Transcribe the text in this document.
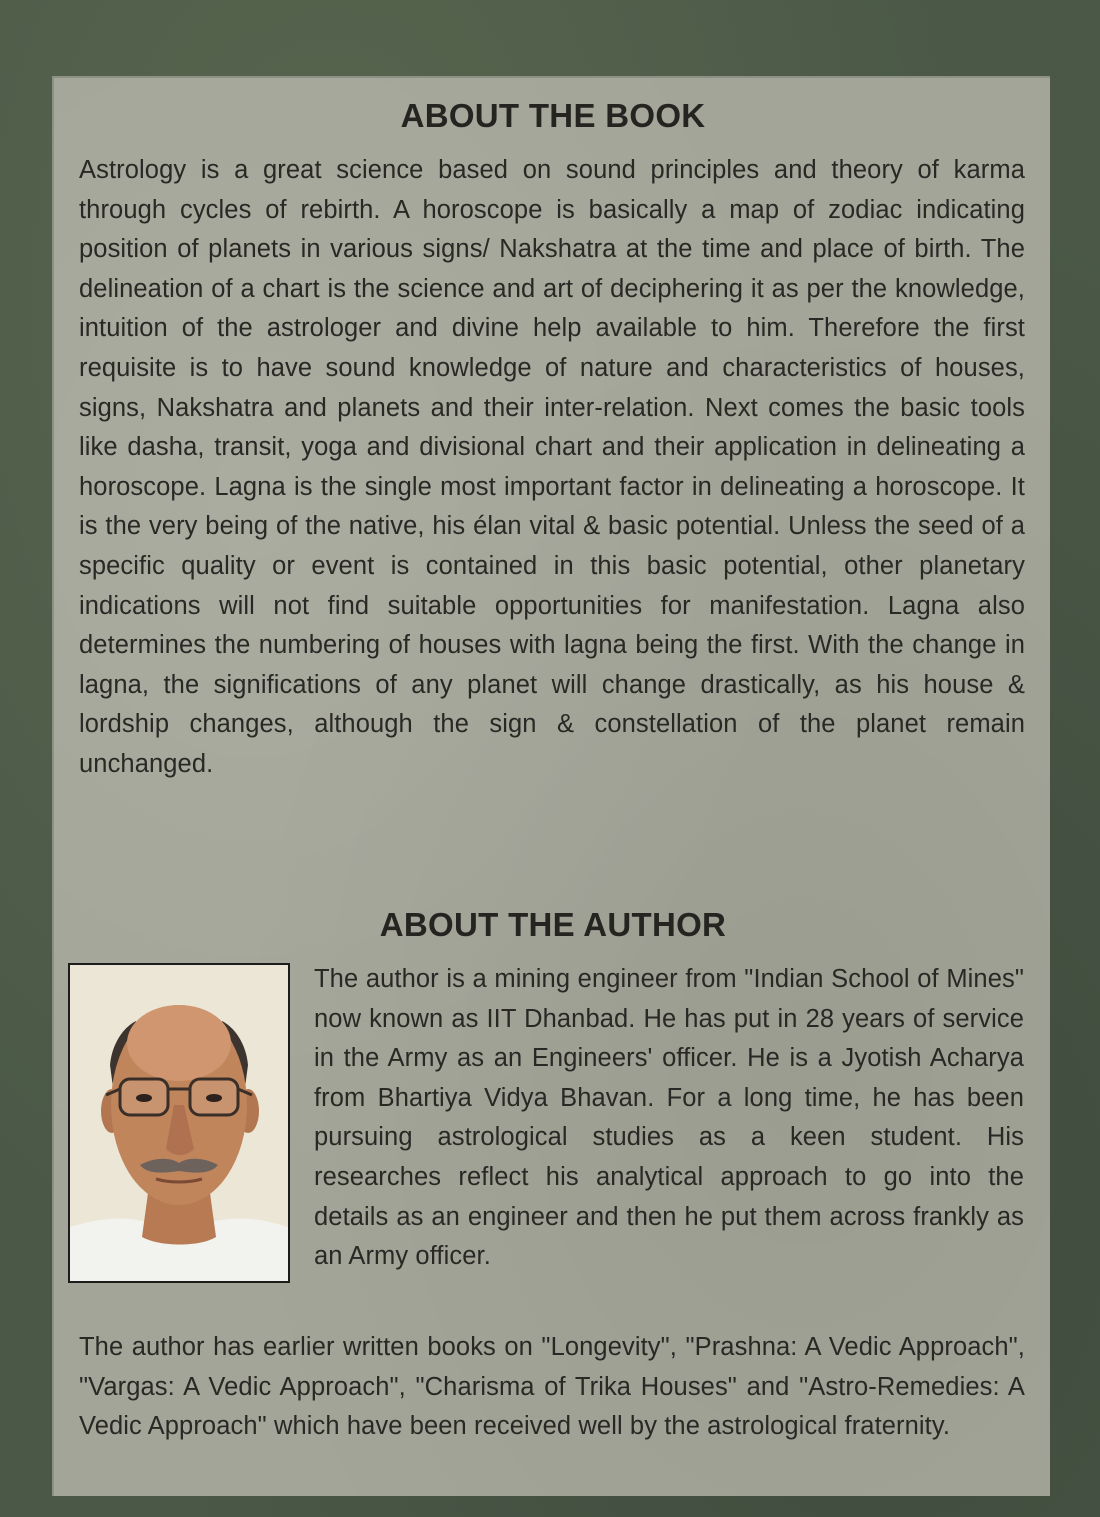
ABOUT THE BOOK

Astrology is a great science based on sound principles and theory of karma through cycles of rebirth. A horoscope is basically a map of zodiac indicating position of planets in various signs/ Nakshatra at the time and place of birth. The delineation of a chart is the science and art of deciphering it as per the knowledge, intuition of the astrologer and divine help available to him. Therefore the first requisite is to have sound knowledge of nature and characteristics of houses, signs, Nakshatra and planets and their inter-relation. Next comes the basic tools like dasha, transit, yoga and divisional chart and their application in delineating a horoscope. Lagna is the single most important factor in delineating a horoscope. It is the very being of the native, his élan vital & basic potential. Unless the seed of a specific quality or event is contained in this basic potential, other planetary indications will not find suitable opportunities for manifestation. Lagna also determines the numbering of houses with lagna being the first. With the change in lagna, the significations of any planet will change drastically, as his house & lordship changes, although the sign & constellation of the planet remain unchanged.

ABOUT THE AUTHOR

The author is a mining engineer from "Indian School of Mines" now known as IIT Dhanbad. He has put in 28 years of service in the Army as an Engineers' officer. He is a Jyotish Acharya from Bhartiya Vidya Bhavan. For a long time, he has been pursuing astrological studies as a keen student. His researches reflect his analytical approach to go into the details as an engineer and then he put them across frankly as an Army officer.

The author has earlier written books on "Longevity", "Prashna: A Vedic Approach", "Vargas: A Vedic Approach", "Charisma of Trika Houses" and "Astro-Remedies: A Vedic Approach" which have been received well by the astrological fraternity.
